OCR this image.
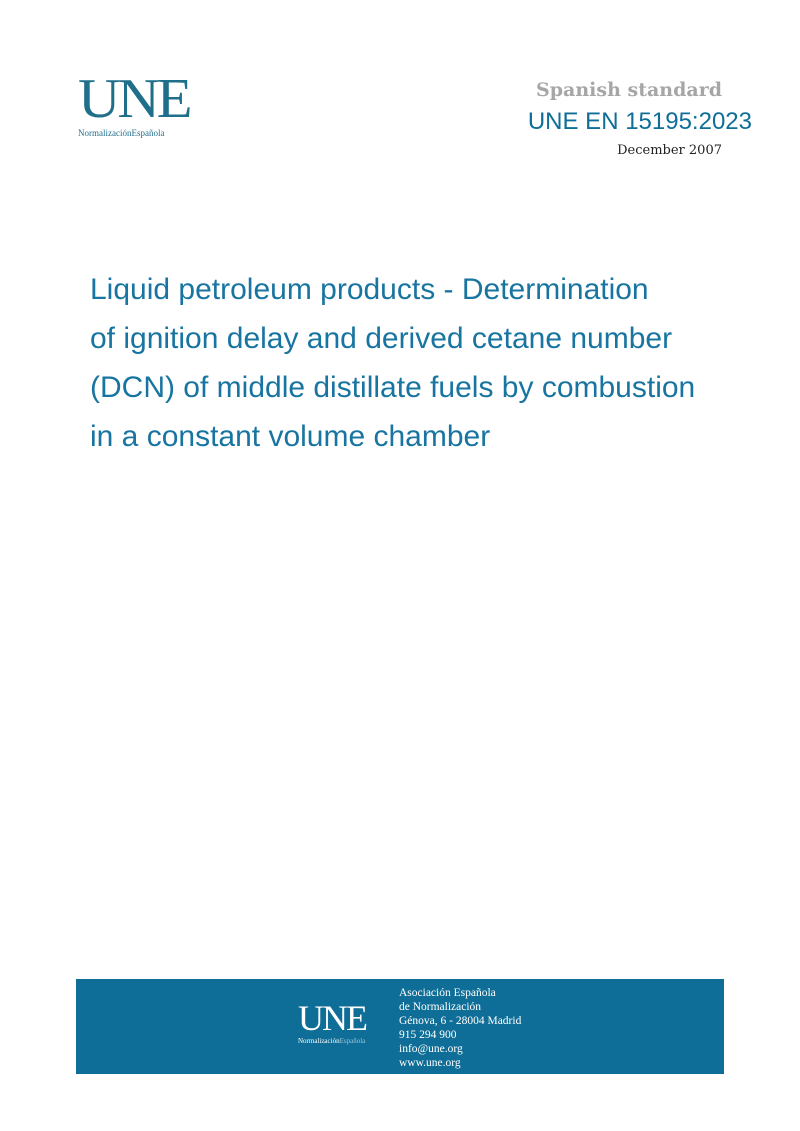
UNE
NormalizaciónEspañola
Spanish standard
UNE EN 15195:2023
December 2007
Liquid petroleum products - Determination
of ignition delay and derived cetane number
(DCN) of middle distillate fuels by combustion
in a constant volume chamber
UNE
NormalizaciónEspañola
Asociación Española
de Normalización
Génova, 6 - 28004 Madrid
915 294 900
info@une.org
www.une.org
